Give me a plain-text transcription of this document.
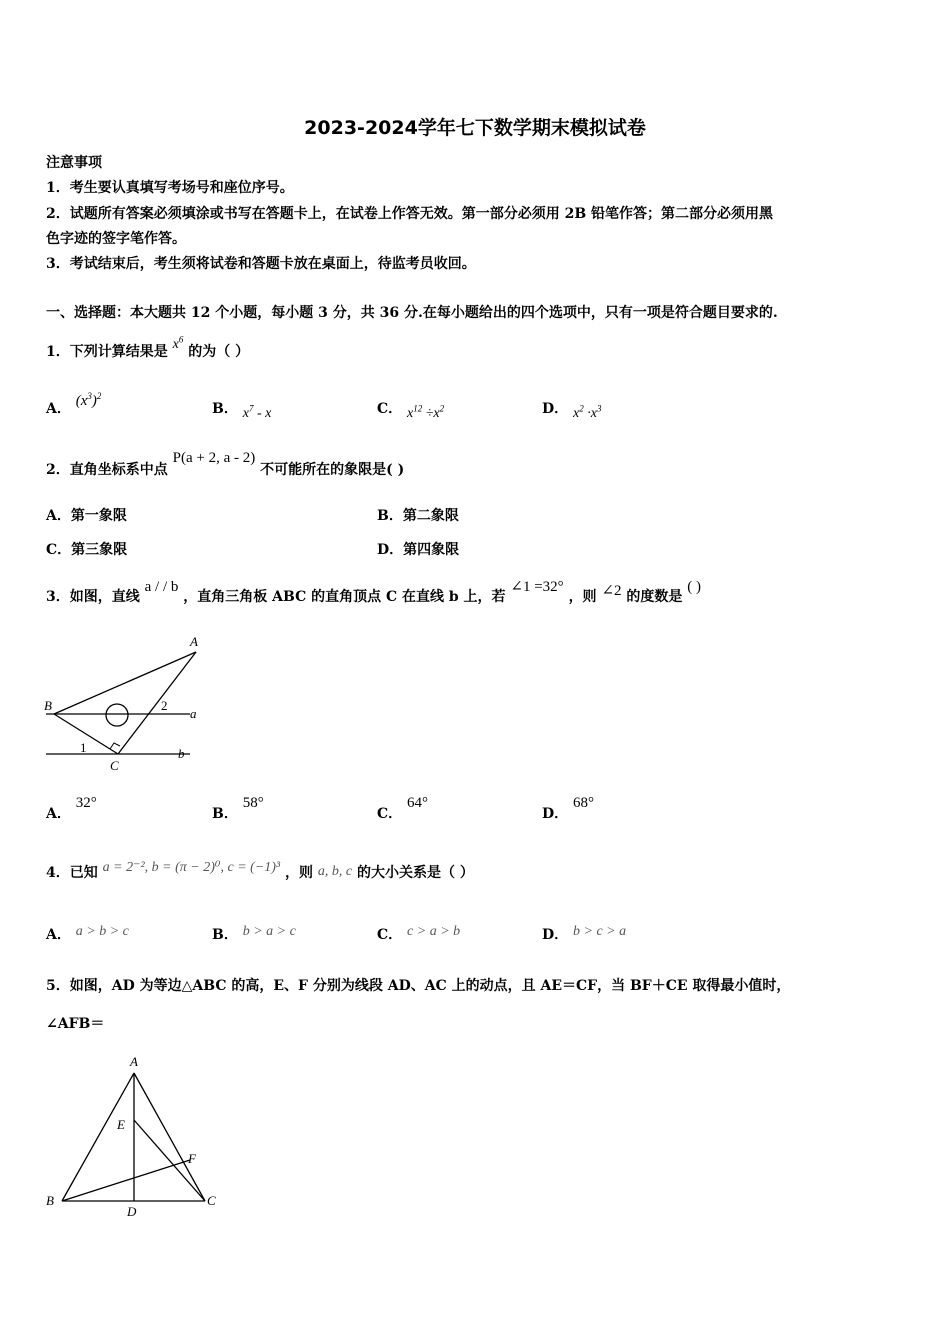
2023-2024学年七下数学期末模拟试卷
注意事项
1．考生要认真填写考场号和座位序号。
2．试题所有答案必须填涂或书写在答题卡上，在试卷上作答无效。第一部分必须用 2B 铅笔作答；第二部分必须用黑
色字迹的签字笔作答。
3．考试结束后，考生须将试卷和答题卡放在桌面上，待监考员收回。
一、选择题：本大题共 12 个小题，每小题 3 分，共 36 分.在每小题给出的四个选项中，只有一项是符合题目要求的.
1．下列计算结果是 $x^6$ 的为（ ）
A． $(x^3)^2$
B． $x^7$ - x	C． $x^{12} \div x^2$	D． $x^2 \cdot x^3$
2．直角坐标系中点 P(a + 2, a - 2) 不可能所在的象限是( )
A．第一象限	B．第二象限
C．第三象限	D．第四象限
3．如图，直线 a / / b ，直角三角板 ABC 的直角顶点 C 在直线 b 上，若 ∠1 =32° ，则 ∠2 的度数是 ( )
A
B
C
a
b
1
2
A． 32°
B． 58°
C． 64°
D． 68°
4．已知 a = 2⁻², b = (π − 2)⁰, c = (−1)³ ，则 a, b, c 的大小关系是（ ）
A． a > b > c	B． b > a > c	C． c > a > b	D． b > c > a
5．如图，AD 为等边△ABC 的高，E、F 分别为线段 AD、AC 上的动点，且 AE＝CF，当 BF＋CE 取得最小值时，
∠AFB＝
A
B	C
D
E
F
